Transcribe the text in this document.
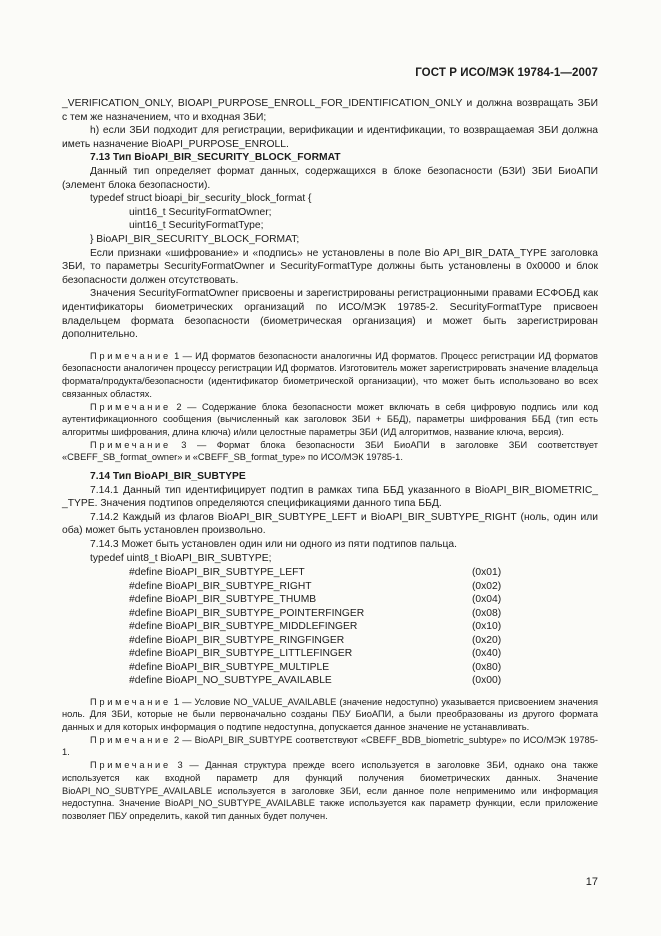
ГОСТ Р ИСО/МЭК 19784-1—2007

_VERIFICATION_ONLY, BIOAPI_PURPOSE_ENROLL_FOR_IDENTIFICATION_ONLY и должна возвращать ЗБИ с тем же назначением, что и входная ЗБИ;

h) если ЗБИ подходит для регистрации, верификации и идентификации, то возвращаемая ЗБИ должна иметь назначение BioAPI_PURPOSE_ENROLL.

7.13 Тип BioAPI_BIR_SECURITY_BLOCK_FORMAT

Данный тип определяет формат данных, содержащихся в блоке безопасности (БЗИ) ЗБИ БиоАПИ (элемент блока безопасности).

typedef struct bioapi_bir_security_block_format {

uint16_t SecurityFormatOwner;

uint16_t SecurityFormatType;

} BioAPI_BIR_SECURITY_BLOCK_FORMAT;

Если признаки «шифрование» и «подпись» не установлены в поле Bio API_BIR_DATA_TYPE заголовка ЗБИ, то параметры SecurityFormatOwner и SecurityFormatType должны быть установлены в 0x0000 и блок безопасности должен отсутствовать.

Значения SecurityFormatOwner присвоены и зарегистрированы регистрационными правами ЕСФОБД как идентификаторы биометрических организаций по ИСО/МЭК 19785-2. SecurityFormatType присвоен владельцем формата безопасности (биометрическая организация) и может быть зарегистрирован дополнительно.

Примечание 1 — ИД форматов безопасности аналогичны ИД форматов. Процесс регистрации ИД форматов безопасности аналогичен процессу регистрации ИД форматов. Изготовитель может зарегистрировать значение владельца формата/продукта/безопасности (идентификатор биометрической организации), что может быть использовано во всех связанных областях.

Примечание 2 — Содержание блока безопасности может включать в себя цифровую подпись или код аутентификационного сообщения (вычисленный как заголовок ЗБИ + ББД), параметры шифрования ББД (тип есть алгоритмы шифрования, длина ключа) и/или целостные параметры ЗБИ (ИД алгоритмов, название ключа, версия).

Примечание 3 — Формат блока безопасности ЗБИ БиоАПИ в заголовке ЗБИ соответствует «CBEFF_SB_format_owner» и «CBEFF_SB_format_type» по ИСО/МЭК 19785-1.

7.14 Тип BioAPI_BIR_SUBTYPE

7.14.1 Данный тип идентифицирует подтип в рамках типа ББД указанного в BioAPI_BIR_BIOMETRIC_ _TYPE. Значения подтипов определяются спецификациями данного типа ББД.

7.14.2 Каждый из флагов BioAPI_BIR_SUBTYPE_LEFT и BioAPI_BIR_SUBTYPE_RIGHT (ноль, один или оба) может быть установлен произвольно.

7.14.3 Может быть установлен один или ни одного из пяти подтипов пальца.

typedef uint8_t BioAPI_BIR_SUBTYPE;

#define BioAPI_BIR_SUBTYPE_LEFT	(0x01)
#define BioAPI_BIR_SUBTYPE_RIGHT	(0x02)
#define BioAPI_BIR_SUBTYPE_THUMB	(0x04)
#define BioAPI_BIR_SUBTYPE_POINTERFINGER	(0x08)
#define BioAPI_BIR_SUBTYPE_MIDDLEFINGER	(0x10)
#define BioAPI_BIR_SUBTYPE_RINGFINGER	(0x20)
#define BioAPI_BIR_SUBTYPE_LITTLEFINGER	(0x40)
#define BioAPI_BIR_SUBTYPE_MULTIPLE	(0x80)
#define BioAPI_NO_SUBTYPE_AVAILABLE	(0x00)

Примечание 1 — Условие NO_VALUE_AVAILABLE (значение недоступно) указывается присвоением значения ноль. Для ЗБИ, которые не были первоначально созданы ПБУ БиоАПИ, а были преобразованы из другого формата данных и для которых информация о подтипе недоступна, допускается данное значение не устанавливать.

Примечание 2 — BioAPI_BIR_SUBTYPE соответствуют «CBEFF_BDB_biometric_subtype» по ИСО/МЭК 19785-1.

Примечание 3 — Данная структура прежде всего используется в заголовке ЗБИ, однако она также используется как входной параметр для функций получения биометрических данных. Значение BioAPI_NO_SUBTYPE_AVAILABLE используется в заголовке ЗБИ, если данное поле неприменимо или информация недоступна. Значение BioAPI_NO_SUBTYPE_AVAILABLE также используется как параметр функции, если приложение позволяет ПБУ определить, какой тип данных будет получен.

17
